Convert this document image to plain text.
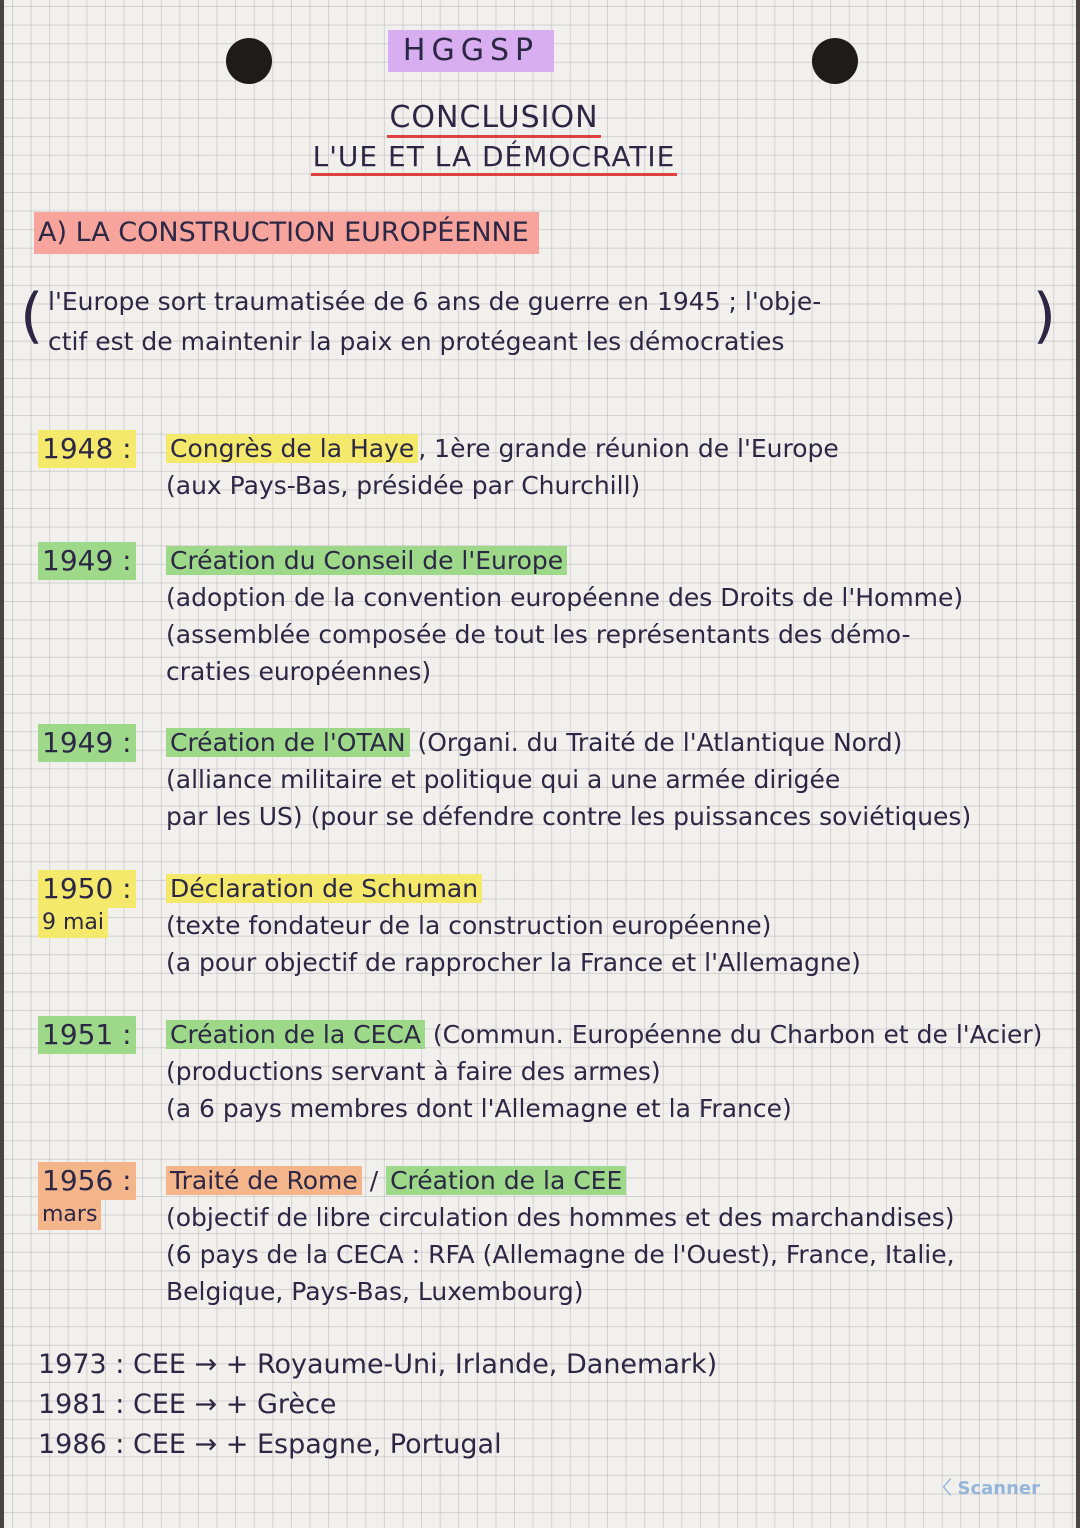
HGGSP
CONCLUSION
L'UE ET LA DÉMOCRATIE
A) LA CONSTRUCTION EUROPÉENNE
(	)
l'Europe sort traumatisée de 6 ans de guerre en 1945 ; l'obje-
ctif est de maintenir la paix en protégeant les démocraties
1948 : Congrès de la Haye , 1ère grande réunion de l'Europe
(aux Pays-Bas, présidée par Churchill)
1949 : Création du Conseil de l'Europe
(adoption de la convention européenne des Droits de l'Homme)
(assemblée composée de tout les représentants des démo-
craties européennes)
1949 : Création de l'OTAN (Organi. du Traité de l'Atlantique Nord)
(alliance militaire et politique qui a une armée dirigée
par les US) (pour se défendre contre les puissances soviétiques)
1950 :
9 mai
Déclaration de Schuman
(texte fondateur de la construction européenne)
(a pour objectif de rapprocher la France et l'Allemagne)
1951 : Création de la CECA (Commun. Européenne du Charbon et de l'Acier)
(productions servant à faire des armes)
(a 6 pays membres dont l'Allemagne et la France)
1956 :
mars
Traité de Rome / Création de la CEE
(objectif de libre circulation des hommes et des marchandises)
(6 pays de la CECA : RFA (Allemagne de l'Ouest), France, Italie,
Belgique, Pays-Bas, Luxembourg)
1973 : CEE → + Royaume-Uni, Irlande, Danemark)
1981 : CEE → + Grèce
1986 : CEE → + Espagne, Portugal
〈 Scanner
